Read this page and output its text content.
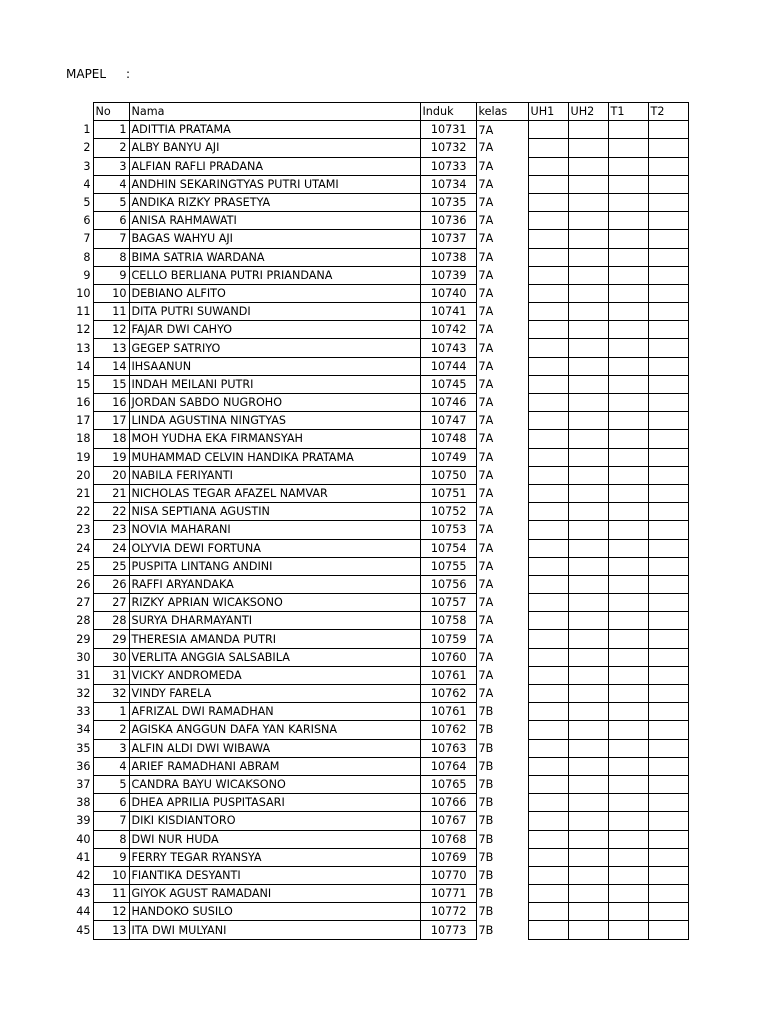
MAPEL :
	No	Nama	Induk	kelas	UH1	UH2	T1	T2
1	1	ADITTIA PRATAMA	10731	7A				
2	2	ALBY BANYU AJI	10732	7A				
3	3	ALFIAN RAFLI PRADANA	10733	7A				
4	4	ANDHIN SEKARINGTYAS PUTRI UTAMI	10734	7A				
5	5	ANDIKA RIZKY PRASETYA	10735	7A				
6	6	ANISA RAHMAWATI	10736	7A				
7	7	BAGAS WAHYU AJI	10737	7A				
8	8	BIMA SATRIA WARDANA	10738	7A				
9	9	CELLO BERLIANA PUTRI PRIANDANA	10739	7A				
10	10	DEBIANO ALFITO	10740	7A				
11	11	DITA PUTRI SUWANDI	10741	7A				
12	12	FAJAR DWI CAHYO	10742	7A				
13	13	GEGEP SATRIYO	10743	7A				
14	14	IHSAANUN	10744	7A				
15	15	INDAH MEILANI PUTRI	10745	7A				
16	16	JORDAN SABDO NUGROHO	10746	7A				
17	17	LINDA AGUSTINA NINGTYAS	10747	7A				
18	18	MOH YUDHA EKA FIRMANSYAH	10748	7A				
19	19	MUHAMMAD CELVIN HANDIKA PRATAMA	10749	7A				
20	20	NABILA FERIYANTI	10750	7A				
21	21	NICHOLAS TEGAR AFAZEL NAMVAR	10751	7A				
22	22	NISA SEPTIANA AGUSTIN	10752	7A				
23	23	NOVIA MAHARANI	10753	7A				
24	24	OLYVIA DEWI FORTUNA	10754	7A				
25	25	PUSPITA LINTANG ANDINI	10755	7A				
26	26	RAFFI ARYANDAKA	10756	7A				
27	27	RIZKY APRIAN WICAKSONO	10757	7A				
28	28	SURYA DHARMAYANTI	10758	7A				
29	29	THERESIA AMANDA PUTRI	10759	7A				
30	30	VERLITA ANGGIA SALSABILA	10760	7A				
31	31	VICKY ANDROMEDA	10761	7A				
32	32	VINDY FARELA	10762	7A				
33	1	AFRIZAL DWI RAMADHAN	10761	7B				
34	2	AGISKA ANGGUN DAFA YAN KARISNA	10762	7B				
35	3	ALFIN ALDI DWI WIBAWA	10763	7B				
36	4	ARIEF RAMADHANI ABRAM	10764	7B				
37	5	CANDRA BAYU WICAKSONO	10765	7B				
38	6	DHEA APRILIA PUSPITASARI	10766	7B				
39	7	DIKI KISDIANTORO	10767	7B				
40	8	DWI NUR HUDA	10768	7B				
41	9	FERRY TEGAR RYANSYA	10769	7B				
42	10	FIANTIKA DESYANTI	10770	7B				
43	11	GIYOK AGUST RAMADANI	10771	7B				
44	12	HANDOKO SUSILO	10772	7B				
45	13	ITA DWI MULYANI	10773	7B				
